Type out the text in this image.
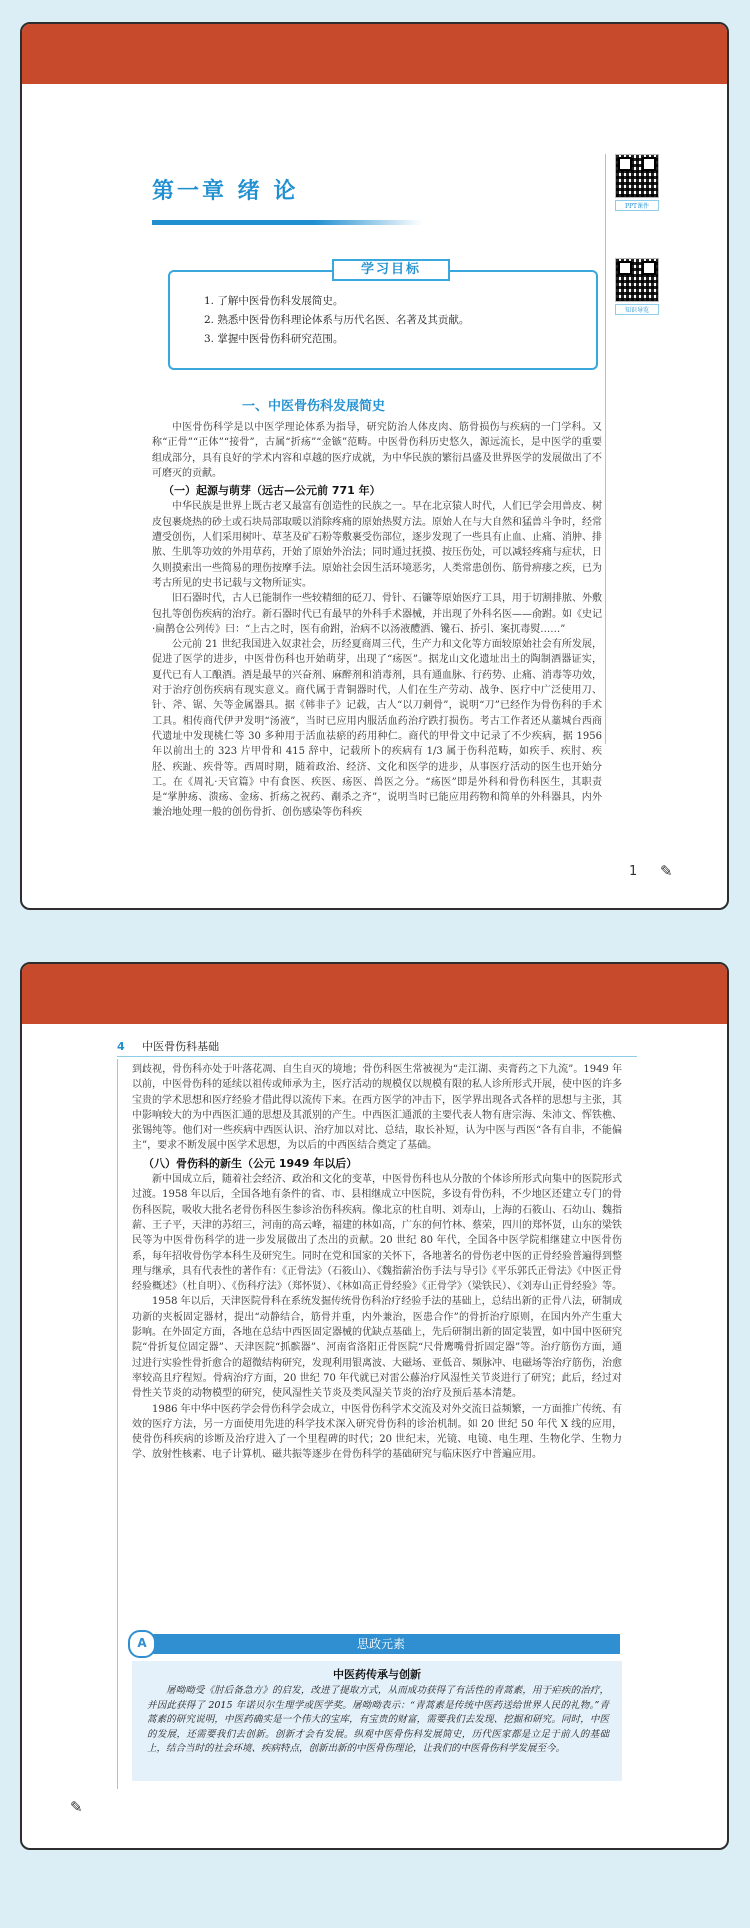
第一章 绪 论
PPT课件
知识导览
学习目标
1. 了解中医骨伤科发展简史。
2. 熟悉中医骨伤科理论体系与历代名医、名著及其贡献。
3. 掌握中医骨伤科研究范围。
一、中医骨伤科发展简史

中医骨伤科学是以中医学理论体系为指导，研究防治人体皮肉、筋骨损伤与疾病的一门学科。又称“正骨”“正体”“接骨”，古属“折疡”“金镞”范畴。中医骨伤科历史悠久，源远流长，是中医学的重要组成部分，具有良好的学术内容和卓越的医疗成就，为中华民族的繁衍昌盛及世界医学的发展做出了不可磨灭的贡献。

（一）起源与萌芽（远古—公元前 771 年）

中华民族是世界上既古老又最富有创造性的民族之一。早在北京猿人时代，人们已学会用兽皮、树皮包裹烧热的砂土或石块局部取暖以消除疼痛的原始热熨方法。原始人在与大自然和猛兽斗争时，经常遭受创伤，人们采用树叶、草茎及矿石粉等敷裹受伤部位，逐步发现了一些具有止血、止痛、消肿、排脓、生肌等功效的外用草药，开始了原始外治法；同时通过抚摸、按压伤处，可以减轻疼痛与症状，日久则摸索出一些简易的理伤按摩手法。原始社会因生活环境恶劣，人类常患创伤、筋骨痹痿之疾，已为考古所见的史书记载与文物所证实。

旧石器时代，古人已能制作一些较精细的砭刀、骨针、石镰等原始医疗工具，用于切割排脓、外敷包扎等创伤疾病的治疗。新石器时代已有最早的外科手术器械，并出现了外科名医——俞跗。如《史记·扁鹊仓公列传》曰：“上古之时，医有俞跗，治病不以汤液醴洒、镵石、挢引、案扤毒熨……”

公元前 21 世纪我国进入奴隶社会，历经夏商周三代，生产力和文化等方面较原始社会有所发展，促进了医学的进步，中医骨伤科也开始萌芽，出现了“疡医”。据龙山文化遗址出土的陶制酒器证实，夏代已有人工酿酒。酒是最早的兴奋剂、麻醉剂和消毒剂，具有通血脉、行药势、止痛、消毒等功效，对于治疗创伤疾病有现实意义。商代属于青铜器时代，人们在生产劳动、战争、医疗中广泛使用刀、针、斧、锯、矢等金属器具。据《韩非子》记载，古人“以刀刺骨”，说明“刀”已经作为骨伤科的手术工具。相传商代伊尹发明“汤液”，当时已应用内服活血药治疗跌打损伤。考古工作者还从藁城台西商代遗址中发现桃仁等 30 多种用于活血祛瘀的药用种仁。商代的甲骨文中记录了不少疾病，据 1956 年以前出土的 323 片甲骨和 415 辞中，记载所卜的疾病有 1/3 属于伤科范畴，如疾手、疾肘、疾胫、疾趾、疾骨等。西周时期，随着政治、经济、文化和医学的进步，从事医疗活动的医生也开始分工。在《周礼·天官篇》中有食医、疾医、疡医、兽医之分。“疡医”即是外科和骨伤科医生，其职责是“掌肿疡、溃疡、金疡、折疡之祝药、劀杀之齐”，说明当时已能应用药物和简单的外科器具，内外兼治地处理一般的创伤骨折、创伤感染等伤科疾

1 ✎
4 中医骨伤科基础

到歧视，骨伤科亦处于叶落花凋、自生自灭的境地；骨伤科医生常被视为“走江湖、卖膏药之下九流”。1949 年以前，中医骨伤科的延续以祖传或师承为主，医疗活动的规模仅以规模有限的私人诊所形式开展，使中医的许多宝贵的学术思想和医疗经验才借此得以流传下来。在西方医学的冲击下，医学界出现各式各样的思想与主张，其中影响较大的为中西医汇通的思想及其派别的产生。中西医汇通派的主要代表人物有唐宗海、朱沛文、恽铁樵、张锡纯等。他们对一些疾病中西医认识、治疗加以对比、总结，取长补短，认为中医与西医“各有自非，不能偏主”，要求不断发展中医学术思想，为以后的中西医结合奠定了基础。

（八）骨伤科的新生（公元 1949 年以后）

新中国成立后，随着社会经济、政治和文化的变革，中医骨伤科也从分散的个体诊所形式向集中的医院形式过渡。1958 年以后，全国各地有条件的省、市、县相继成立中医院，多设有骨伤科，不少地区还建立专门的骨伤科医院，吸收大批名老骨伤科医生参诊治伤科疾病。像北京的杜自明、刘寿山，上海的石筱山、石幼山、魏指薪、王子平，天津的苏绍三，河南的高云峰，福建的林如高，广东的何竹林、蔡荣，四川的郑怀贤，山东的梁铁民等为中医骨伤科学的进一步发展做出了杰出的贡献。20 世纪 80 年代，全国各中医学院相继建立中医骨伤系，每年招收骨伤学本科生及研究生。同时在党和国家的关怀下，各地著名的骨伤老中医的正骨经验普遍得到整理与继承，具有代表性的著作有：《正骨法》（石筱山）、《魏指薪治伤手法与导引》《平乐郭氏正骨法》《中医正骨经验概述》（杜自明）、《伤科疗法》（郑怀贤）、《林如高正骨经验》《正骨学》（梁铁民）、《刘寿山正骨经验》等。

1958 年以后，天津医院骨科在系统发掘传统骨伤科治疗经验手法的基础上，总结出新的正骨八法，研制成功新的夹板固定器材，提出“动静结合，筋骨并重，内外兼治，医患合作”的骨折治疗原则，在国内外产生重大影响。在外固定方面，各地在总结中西医固定器械的优缺点基础上，先后研制出新的固定装置，如中国中医研究院“骨折复位固定器”、天津医院“抓髌器”、河南省洛阳正骨医院“尺骨鹰嘴骨折固定器”等。治疗筋伤方面，通过进行实验性骨折愈合的超微结构研究，发现利用银离波、大磁场、亚低音、频脉冲、电磁场等治疗筋伤，治愈率较高且疗程短。骨病治疗方面，20 世纪 70 年代就已对雷公藤治疗风湿性关节炎进行了研究；此后，经过对骨性关节炎的动物模型的研究，使风湿性关节炎及类风湿关节炎的治疗及预后基本清楚。

1986 年中华中医药学会骨伤科学会成立，中医骨伤科学术交流及对外交流日益频繁，一方面推广传统、有效的医疗方法，另一方面使用先进的科学技术深入研究骨伤科的诊治机制。如 20 世纪 50 年代 X 线的应用，使骨伤科疾病的诊断及治疗进入了一个里程碑的时代；20 世纪末，光镜、电镜、电生理、生物化学、生物力学、放射性核素、电子计算机、磁共振等逐步在骨伤科学的基础研究与临床医疗中普遍应用。

思政元素
A
中医药传承与创新

屠呦呦受《肘后备急方》的启发，改进了提取方式，从而成功获得了有活性的青蒿素，用于疟疾的治疗，并因此获得了 2015 年诺贝尔生理学或医学奖。屠呦呦表示：“青蒿素是传统中医药送给世界人民的礼物。”青蒿素的研究说明，中医药确实是一个伟大的宝库，有宝贵的财富，需要我们去发现、挖掘和研究。同时，中医的发展，还需要我们去创新。创新才会有发展。纵观中医骨伤科发展简史，历代医家都是立足于前人的基础上，结合当时的社会环境、疾病特点，创新出新的中医骨伤理论，让我们的中医骨伤科学发展至今。

✎
